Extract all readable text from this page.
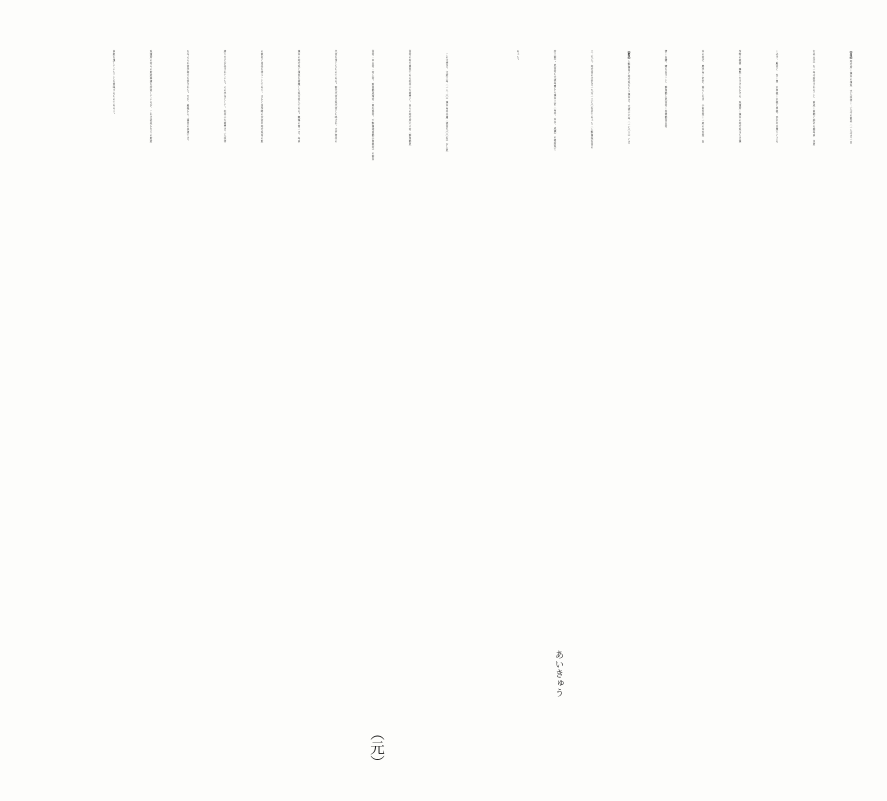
【用語】知行所ー旗本の領地　弐人扶持ー二人分の飯米（一人分は一日
玄米五合）を一年分給付されること　夏成ー夏期に納める畑年貢　急度
ー必ず、厳重に　咎ー罪　水旱損ー水損と旱損、洪水や日照りによる
作物の損害　憐愍ーなさけをかける　地頭所ー旗本の知行地または旗
本の役宅　勝手向ー家計、暮らしむき　小前百姓ー一般の本百姓　出
情ー出精、精を出すこと　群馬郡上尻高村ー吾妻郡高山村
【解説】上野国内に知行地をもつ旗本は、元禄十六年（一七〇三）には
三二九人、知行高の合計は一九万一三七〇石余であった（上野国総石高の
約三割）。尻高村も元禄年間から旗本三家（向井、本多、成瀬）の相給地で
あいきゅう
あった。
　この文書は、文政三年（一八二〇）旗本向井兵庫（禄高九〇〇石）が上尻
高村の有力農民である松井十左衛門に、自らの知行所六カ村（群馬郡尻
高村・中山村・村上村、新田郡成塚村・東矢島村、下野国梁田郡小曽根村）の割本
（元）
代官を命じたものである。割元代官は地代官とも呼ばれ、江戸常住の
旗本の知行地と領民を管理した地方役人である。職務の第一は、年貢
の徴収に責任を持つことであり、ほかに凶作時の対策や知行地内の取
締りなどが任されていた。その手当として、松井十左衛門は二人扶持
を与えられ苗字帯刀を許された。なお、最後から二番目の条項では、
地頭所の村々の財政再建を約束しているが、これは従来かなりの財政
負担を課していたことを意味するものであろう。
